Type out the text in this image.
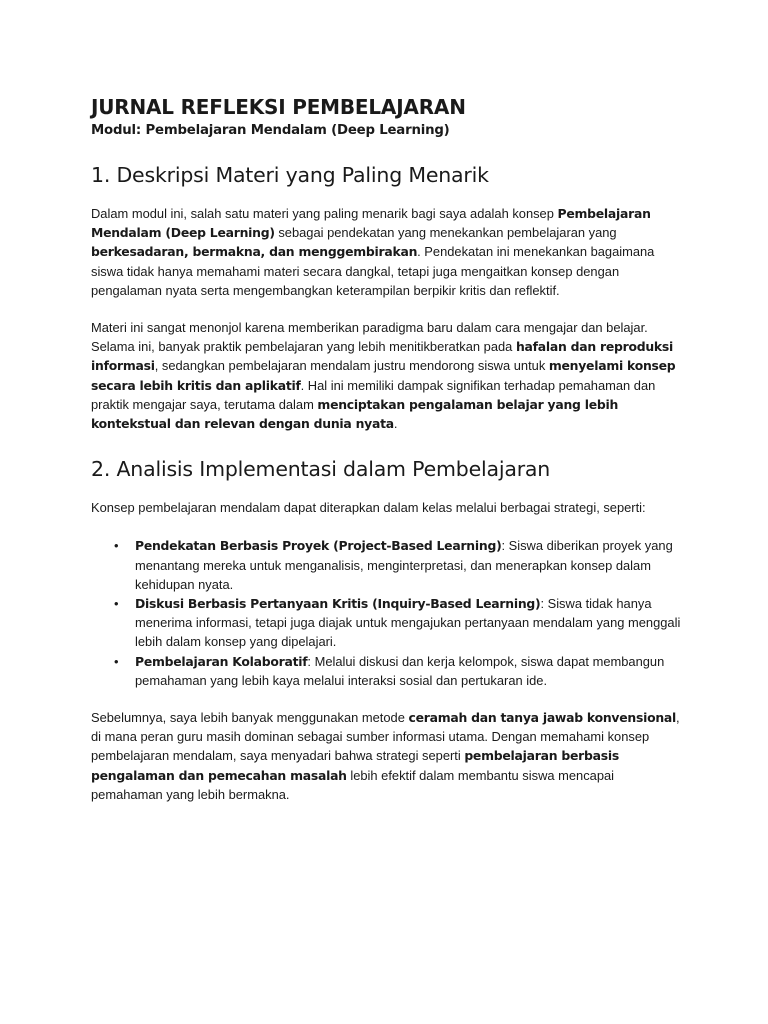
JURNAL REFLEKSI PEMBELAJARAN
Modul: Pembelajaran Mendalam (Deep Learning)
1. Deskripsi Materi yang Paling Menarik

Dalam modul ini, salah satu materi yang paling menarik bagi saya adalah konsep Pembelajaran Mendalam (Deep Learning) sebagai pendekatan yang menekankan pembelajaran yang berkesadaran, bermakna, dan menggembirakan. Pendekatan ini menekankan bagaimana siswa tidak hanya memahami materi secara dangkal, tetapi juga mengaitkan konsep dengan pengalaman nyata serta mengembangkan keterampilan berpikir kritis dan reflektif.

Materi ini sangat menonjol karena memberikan paradigma baru dalam cara mengajar dan belajar. Selama ini, banyak praktik pembelajaran yang lebih menitikberatkan pada hafalan dan reproduksi informasi, sedangkan pembelajaran mendalam justru mendorong siswa untuk menyelami konsep secara lebih kritis dan aplikatif. Hal ini memiliki dampak signifikan terhadap pemahaman dan praktik mengajar saya, terutama dalam menciptakan pengalaman belajar yang lebih kontekstual dan relevan dengan dunia nyata.

2. Analisis Implementasi dalam Pembelajaran

Konsep pembelajaran mendalam dapat diterapkan dalam kelas melalui berbagai strategi, seperti:

• Pendekatan Berbasis Proyek (Project-Based Learning): Siswa diberikan proyek yang menantang mereka untuk menganalisis, menginterpretasi, dan menerapkan konsep dalam kehidupan nyata.
• Diskusi Berbasis Pertanyaan Kritis (Inquiry-Based Learning): Siswa tidak hanya menerima informasi, tetapi juga diajak untuk mengajukan pertanyaan mendalam yang menggali lebih dalam konsep yang dipelajari.
• Pembelajaran Kolaboratif: Melalui diskusi dan kerja kelompok, siswa dapat membangun pemahaman yang lebih kaya melalui interaksi sosial dan pertukaran ide.

Sebelumnya, saya lebih banyak menggunakan metode ceramah dan tanya jawab konvensional, di mana peran guru masih dominan sebagai sumber informasi utama. Dengan memahami konsep pembelajaran mendalam, saya menyadari bahwa strategi seperti pembelajaran berbasis pengalaman dan pemecahan masalah lebih efektif dalam membantu siswa mencapai pemahaman yang lebih bermakna.
